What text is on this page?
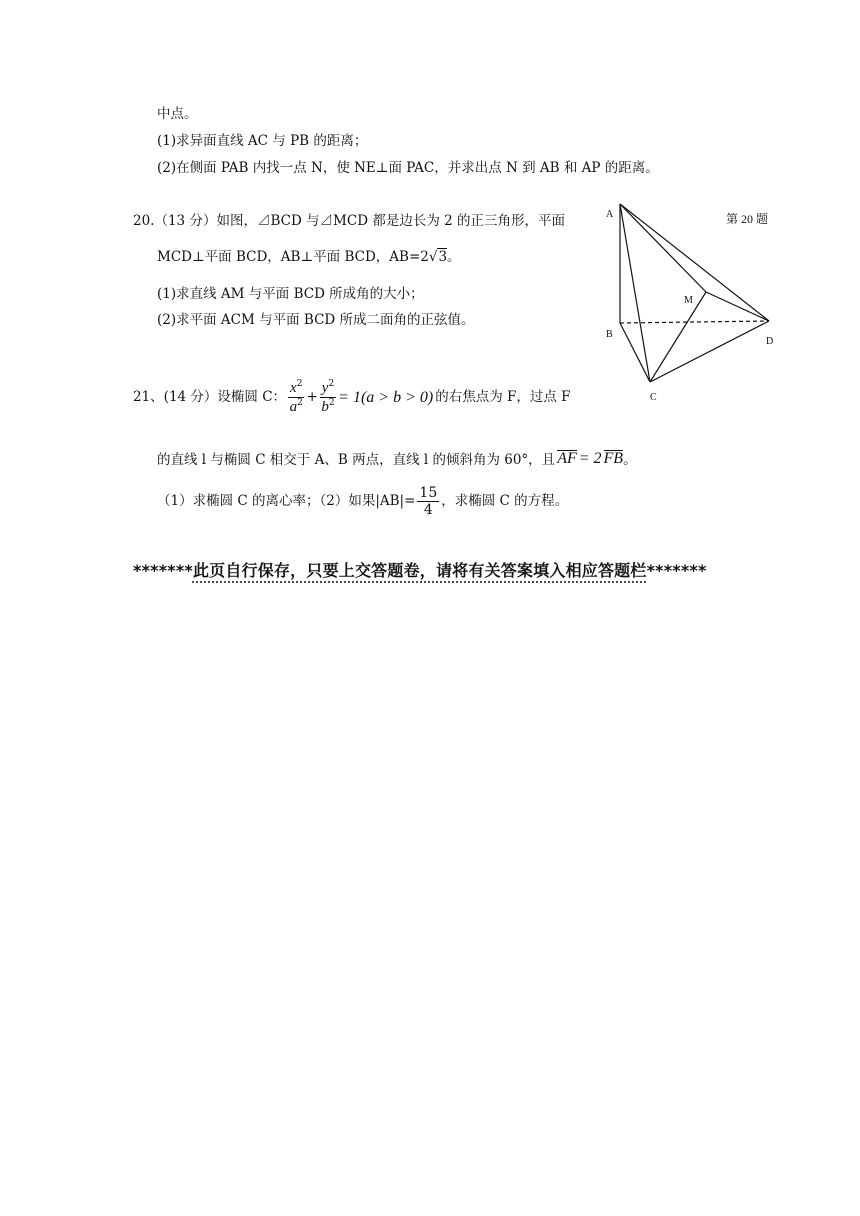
中点。
(1)求异面直线 AC 与 PB 的距离；
(2)在侧面 PAB 内找一点 N，使 NE⊥面 PAC，并求出点 N 到 AB 和 AP 的距离。
20.（13 分）如图，⊿BCD 与⊿MCD 都是边长为 2 的正三角形，平面
MCD⊥平面 BCD，AB⊥平面 BCD，AB=2√3。
(1)求直线 AM 与平面 BCD 所成角的大小；
(2)求平面 ACM 与平面 BCD 所成二面角的正弦值。
A
B
C
D
M
第 20 题
21、(14 分）设椭圆 C： $\frac{x^2}{a^2} + \frac{y^2}{b^2} = 1(a > b > 0)$ 的右焦点为 F，过点 F
的直线 l 与椭圆 C 相交于 A、B 两点，直线 l 的倾斜角为 60°，且 AF = 2 FB 。
（1）求椭圆 C 的离心率；（2）如果$|AB|= \frac{15}{4}$ ，求椭圆 C 的方程。
*******此页自行保存，只要上交答题卷，请将有关答案填入相应答题栏*******
